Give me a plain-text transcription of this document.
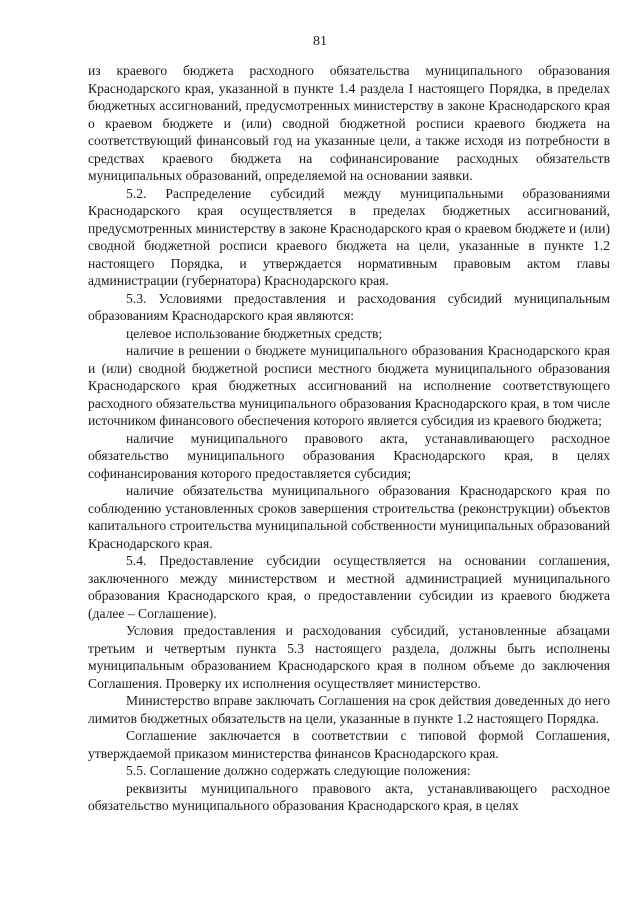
81

из краевого бюджета расходного обязательства муниципального образования Краснодарского края, указанной в пункте 1.4 раздела I настоящего Порядка, в пределах бюджетных ассигнований, предусмотренных министерству в законе Краснодарского края о краевом бюджете и (или) сводной бюджетной росписи краевого бюджета на соответствующий финансовый год на указанные цели, а также исходя из потребности в средствах краевого бюджета на софинансирование расходных обязательств муниципальных образований, определяемой на основании заявки.

5.2. Распределение субсидий между муниципальными образованиями Краснодарского края осуществляется в пределах бюджетных ассигнований, предусмотренных министерству в законе Краснодарского края о краевом бюджете и (или) сводной бюджетной росписи краевого бюджета на цели, указанные в пункте 1.2 настоящего Порядка, и утверждается нормативным правовым актом главы администрации (губернатора) Краснодарского края.

5.3. Условиями предоставления и расходования субсидий муниципальным образованиям Краснодарского края являются:

целевое использование бюджетных средств;

наличие в решении о бюджете муниципального образования Краснодарского края и (или) сводной бюджетной росписи местного бюджета муниципального образования Краснодарского края бюджетных ассигнований на исполнение соответствующего расходного обязательства муниципального образования Краснодарского края, в том числе источником финансового обеспечения которого является субсидия из краевого бюджета;

наличие муниципального правового акта, устанавливающего расходное обязательство муниципального образования Краснодарского края, в целях софинансирования которого предоставляется субсидия;

наличие обязательства муниципального образования Краснодарского края по соблюдению установленных сроков завершения строительства (реконструкции) объектов капитального строительства муниципальной собственности муниципальных образований Краснодарского края.

5.4. Предоставление субсидии осуществляется на основании соглашения, заключенного между министерством и местной администрацией муниципального образования Краснодарского края, о предоставлении субсидии из краевого бюджета (далее – Соглашение).

Условия предоставления и расходования субсидий, установленные абзацами третьим и четвертым пункта 5.3 настоящего раздела, должны быть исполнены муниципальным образованием Краснодарского края в полном объеме до заключения Соглашения. Проверку их исполнения осуществляет министерство.

Министерство вправе заключать Соглашения на срок действия доведенных до него лимитов бюджетных обязательств на цели, указанные в пункте 1.2 настоящего Порядка.

Соглашение заключается в соответствии с типовой формой Соглашения, утверждаемой приказом министерства финансов Краснодарского края.

5.5. Соглашение должно содержать следующие положения:

реквизиты муниципального правового акта, устанавливающего расходное обязательство муниципального образования Краснодарского края, в целях
